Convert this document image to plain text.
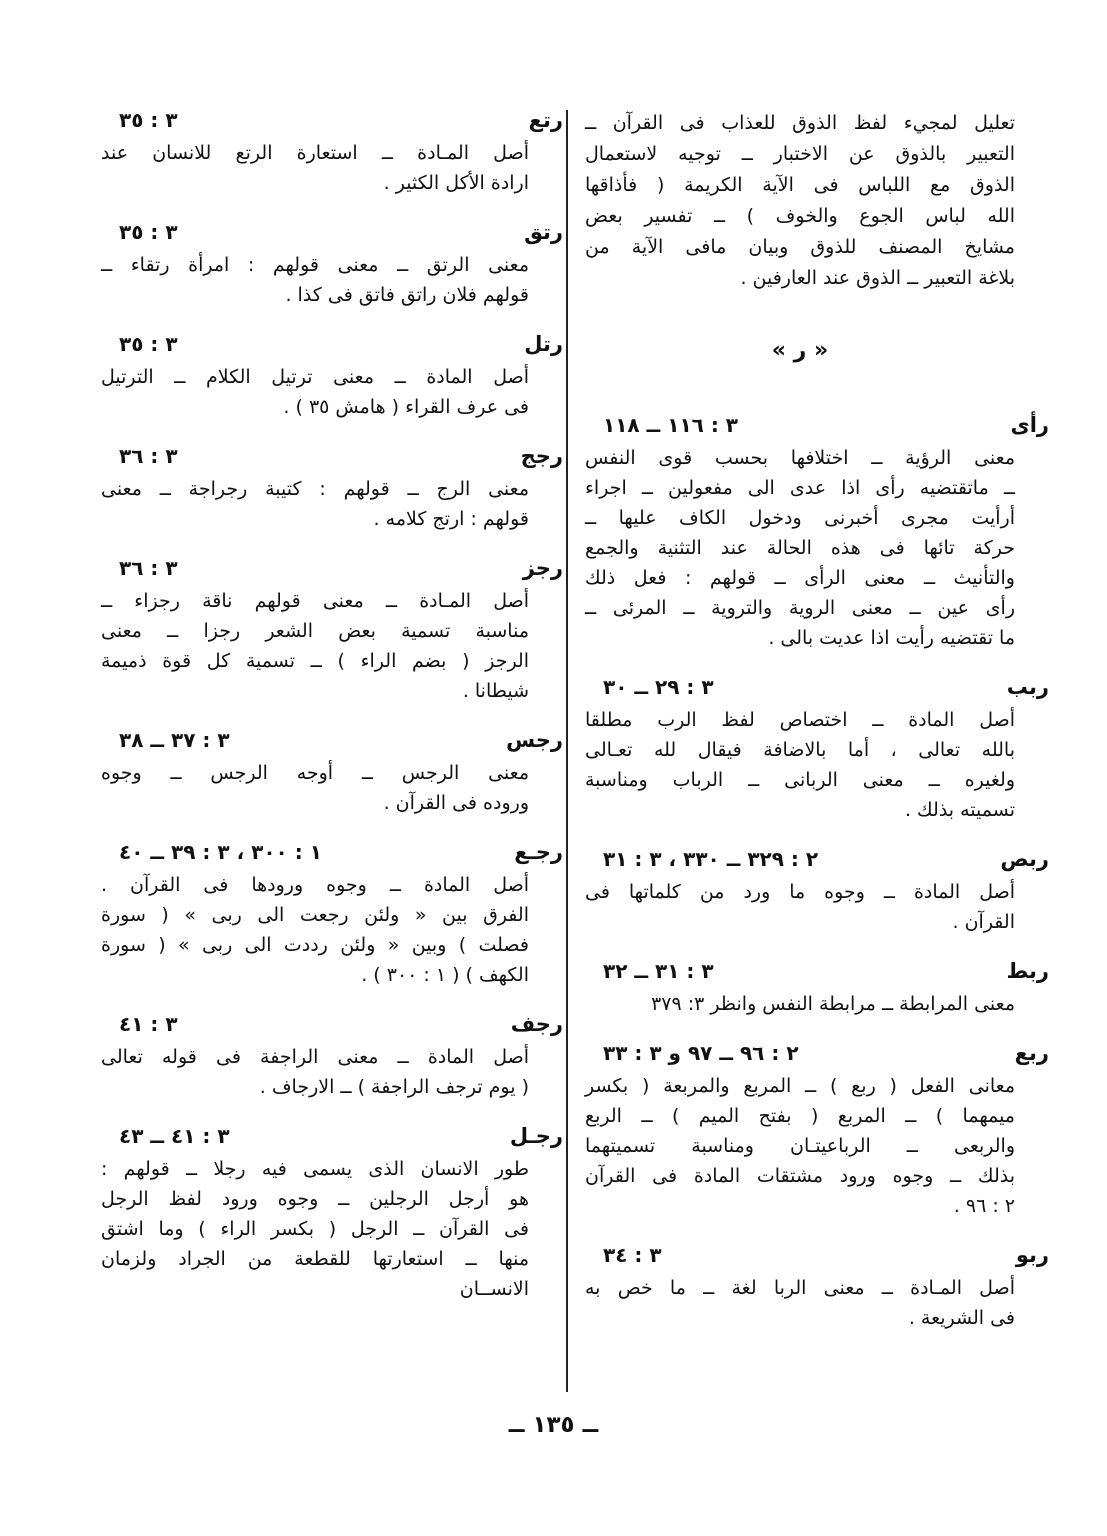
تعليل لمجيء لفظ الذوق للعذاب فى القرآن ــ
التعبير بالذوق عن الاختبار ــ توجيه لاستعمال
الذوق مع اللباس فى الآية الكريمة ( فأذاقها
الله لباس الجوع والخوف ) ــ تفسير بعض
مشايخ المصنف للذوق وبيان مافى الآية من
بلاغة التعبير ــ الذوق عند العارفين .
« ر »
رأى
٣ : ١١٦ ــ ١١٨
معنى الرؤية ــ اختلافها بحسب قوى النفس
ــ ماتقتضيه رأى اذا عدى الى مفعولين ــ اجراء
أرأيت مجرى أخبرنى ودخول الكاف عليها ــ
حركة تائها فى هذه الحالة عند التثنية والجمع
والتأنيث ــ معنى الرأى ــ قولهم : فعل ذلك
رأى عين ــ معنى الروية والتروية ــ المرئى ــ
ما تقتضيه رأيت اذا عديت بالى .
ربب
٣ : ٢٩ ــ ٣٠
أصل المادة ــ اختصاص لفظ الرب مطلقا
بالله تعالى ، أما بالاضافة فيقال لله تعـالى
ولغيره ــ معنى الربانى ــ الرباب ومناسبة
تسميته بذلك .
ربص
٢ : ٣٢٩ ــ ٣٣٠ ، ٣ : ٣١
أصل المادة ــ وجوه ما ورد من كلماتها فى
القرآن .
ربط
٣ : ٣١ ــ ٣٢
معنى المرابطة ــ مرابطة النفس وانظر ٣: ٣٧٩
ربع
٢ : ٩٦ ــ ٩٧ و ٣ : ٣٣
معانى الفعل ( ربع ) ــ المربع والمربعة ( بكسر
ميمهما ) ــ المربع ( بفتح الميم ) ــ الربع
والربعى ــ الرباعيتـان ومناسبة تسميتهما
بذلك ــ وجوه ورود مشتقات المادة فى القرآن
٢ : ٩٦ .
ربو
٣ : ٣٤
أصل المـادة ــ معنى الربا لغة ــ ما خص به
فى الشريعة .
رتع
٣ : ٣٥
أصل المـادة ــ استعارة الرتع للانسان عند
ارادة الأكل الكثير .
رتق
٣ : ٣٥
معنى الرتق ــ معنى قولهم : امرأة رتقاء ــ
قولهم فلان راتق فاتق فى كذا .
رتل
٣ : ٣٥
أصل المادة ــ معنى ترتيل الكلام ــ الترتيل
فى عرف القراء ( هامش ٣٥ ) .
رجج
٣ : ٣٦
معنى الرج ــ قولهم : كتيبة رجراجة ــ معنى
قولهم : ارتج كلامه .
رجز
٣ : ٣٦
أصل المـادة ــ معنى قولهم ناقة رجزاء ــ
مناسبة تسمية بعض الشعر رجزا ــ معنى
الرجز ( بضم الراء ) ــ تسمية كل قوة ذميمة
شيطانا .
رجس
٣ : ٣٧ ــ ٣٨
معنى الرجس ــ أوجه الرجس ــ وجوه
وروده فى القرآن .
رجـع
١ : ٣٠٠ ، ٣ : ٣٩ ــ ٤٠
أصل المادة ــ وجوه ورودها فى القرآن .
الفرق بين « ولئن رجعت الى ربى » ( سورة
فصلت ) وبين « ولئن رددت الى ربى » ( سورة
الكهف ) ( ١ : ٣٠٠ ) .
رجف
٣ : ٤١
أصل المادة ــ معنى الراجفة فى قوله تعالى
( يوم ترجف الراجفة ) ــ الارجاف .
رجـل
٣ : ٤١ ــ ٤٣
طور الانسان الذى يسمى فيه رجلا ــ قولهم :
هو أرجل الرجلين ــ وجوه ورود لفظ الرجل
فى القرآن ــ الرجل ( بكسر الراء ) وما اشتق
منها ــ استعارتها للقطعة من الجراد ولزمان
الانســان
ــ ١٣٥ ــ
